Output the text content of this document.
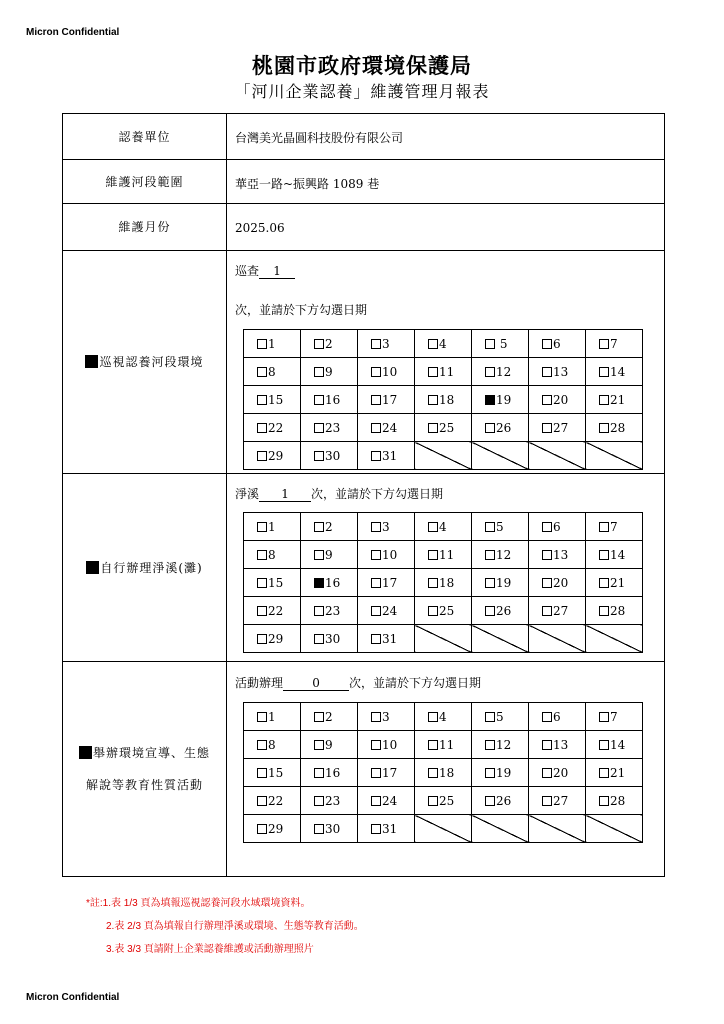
Micron Confidential
桃園市政府環境保護局
「河川企業認養」維護管理月報表
認養單位	台灣美光晶圓科技股份有限公司
維護河段範圍	華亞一路~振興路 1089 巷
維護月份	2025.06
巡視認養河段環境
巡查 1
次，並請於下方勾選日期
1	2	3	4	5	6	7
8	9	10	11	12	13	14
15	16	17	18	19	20	21
22	23	24	25	26	27	28
29	30	31				
自行辦理淨溪(灘)
淨溪 1 次，並請於下方勾選日期
1	2	3	4	5	6	7
8	9	10	11	12	13	14
15	16	17	18	19	20	21
22	23	24	25	26	27	28
29	30	31				
舉辦環境宣導、生態
解說等教育性質活動
活動辦理 0 次，並請於下方勾選日期
1	2	3	4	5	6	7
8	9	10	11	12	13	14
15	16	17	18	19	20	21
22	23	24	25	26	27	28
29	30	31				
*註:1.表 1/3 頁為填報巡視認養河段水域環境資料。
2.表 2/3 頁為填報自行辦理淨溪或環境、生態等教育活動。
3.表 3/3 頁請附上企業認養維護或活動辦理照片
Micron Confidential
